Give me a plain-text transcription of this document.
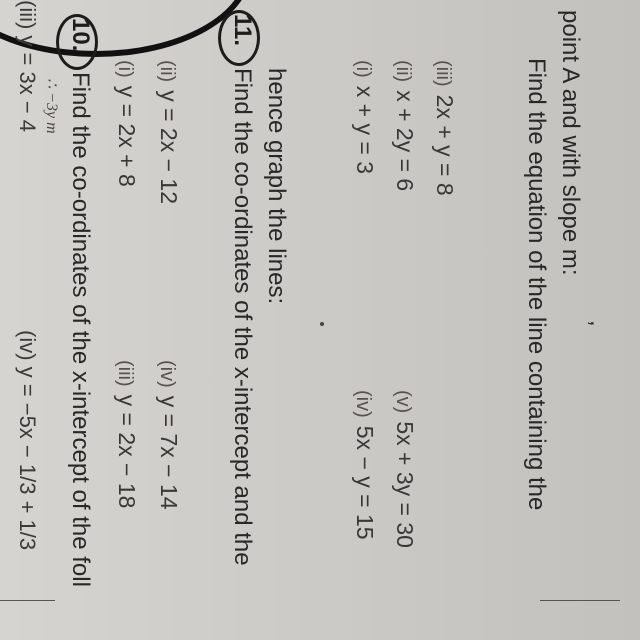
(iii) y = 3x − 4 ∴ −3y m
(iv) y = −5x − 1/3 + 1/3
10.
Find the co-ordinates of the x-intercept of the foll
(i)y = 2x + 8
(iii)y = 2x − 18
(ii)y = 2x − 12
(iv)y = 7x − 14
11.
Find the co-ordinates of the x-intercept and the hence graph the lines:	(i)x + y = 3
(iv)5x − y = 15
(ii)x + 2y = 6
(v)5x + 3y = 30
(iii)2x + y = 8	Find the equation of the line containing the point A and with slope m:
,
